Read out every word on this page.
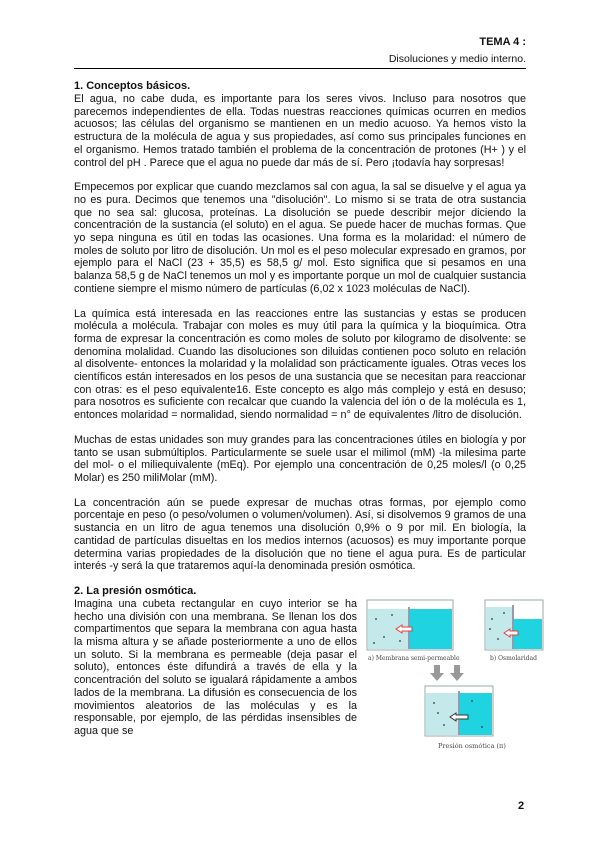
TEMA 4 :
Disoluciones y medio interno.
1. Conceptos básicos.

El agua, no cabe duda, es importante para los seres vivos. Incluso para nosotros que parecemos independientes de ella. Todas nuestras reacciones químicas ocurren en medios acuosos; las células del organismo se mantienen en un medio acuoso. Ya hemos visto la estructura de la molécula de agua y sus propiedades, así como sus principales funciones en el organismo. Hemos tratado también el problema de la concentración de protones (H+ ) y el control del pH . Parece que el agua no puede dar más de sí. Pero ¡todavía hay sorpresas!

Empecemos por explicar que cuando mezclamos sal con agua, la sal se disuelve y el agua ya no es pura. Decimos que tenemos una "disolución". Lo mismo si se trata de otra sustancia que no sea sal: glucosa, proteínas. La disolución se puede describir mejor diciendo la concentración de la sustancia (el soluto) en el agua. Se puede hacer de muchas formas. Que yo sepa ninguna es útil en todas las ocasiones. Una forma es la molaridad: el número de moles de soluto por litro de disolución. Un mol es el peso molecular expresado en gramos, por ejemplo para el NaCl (23 + 35,5) es 58,5 g/ mol. Esto significa que si pesamos en una balanza 58,5 g de NaCl tenemos un mol y es importante porque un mol de cualquier sustancia contiene siempre el mismo número de partículas (6,02 x 1023 moléculas de NaCl).

La química está interesada en las reacciones entre las sustancias y estas se producen molécula a molécula. Trabajar con moles es muy útil para la química y la bioquímica. Otra forma de expresar la concentración es como moles de soluto por kilogramo de disolvente: se denomina molalidad. Cuando las disoluciones son diluidas contienen poco soluto en relación al disolvente- entonces la molaridad y la molalidad son prácticamente iguales. Otras veces los científicos están interesados en los pesos de una sustancia que se necesitan para reaccionar con otras: es el peso equivalente16. Este concepto es algo más complejo y está en desuso; para nosotros es suficiente con recalcar que cuando la valencia del ión o de la molécula es 1, entonces molaridad = normalidad, siendo normalidad = n° de equivalentes /litro de disolución.

Muchas de estas unidades son muy grandes para las concentraciones útiles en biología y por tanto se usan submúltiplos. Particularmente se suele usar el milimol (mM) -la milesima parte del mol- o el miliequivalente (mEq). Por ejemplo una concentración de 0,25 moles/l (o 0,25 Molar) es 250 miliMolar (mM).

La concentración aún se puede expresar de muchas otras formas, por ejemplo como porcentaje en peso (o peso/volumen o volumen/volumen). Así, si disolvemos 9 gramos de una sustancia en un litro de agua tenemos una disolución 0,9% o 9 por mil. En biología, la cantidad de partículas disueltas en los medios internos (acuosos) es muy importante porque determina varias propiedades de la disolución que no tiene el agua pura. Es de particular interés -y será la que trataremos aquí-la denominada presión osmótica.

2. La presión osmótica.

Imagina una cubeta rectangular en cuyo interior se ha hecho una división con una membrana. Se llenan los dos compartimentos que separa la membrana con agua hasta la misma altura y se añade posteriormente a uno de ellos un soluto. Si la membrana es permeable (deja pasar el soluto), entonces éste difundirá a través de ella y la concentración del soluto se igualará rápidamente a ambos lados de la membrana. La difusión es consecuencia de los movimientos aleatorios de las moléculas y es la responsable, por ejemplo, de las pérdidas insensibles de agua que se

a) Membrana semi-permeable	b) Osmolaridad
Presión osmótica (π)
2
